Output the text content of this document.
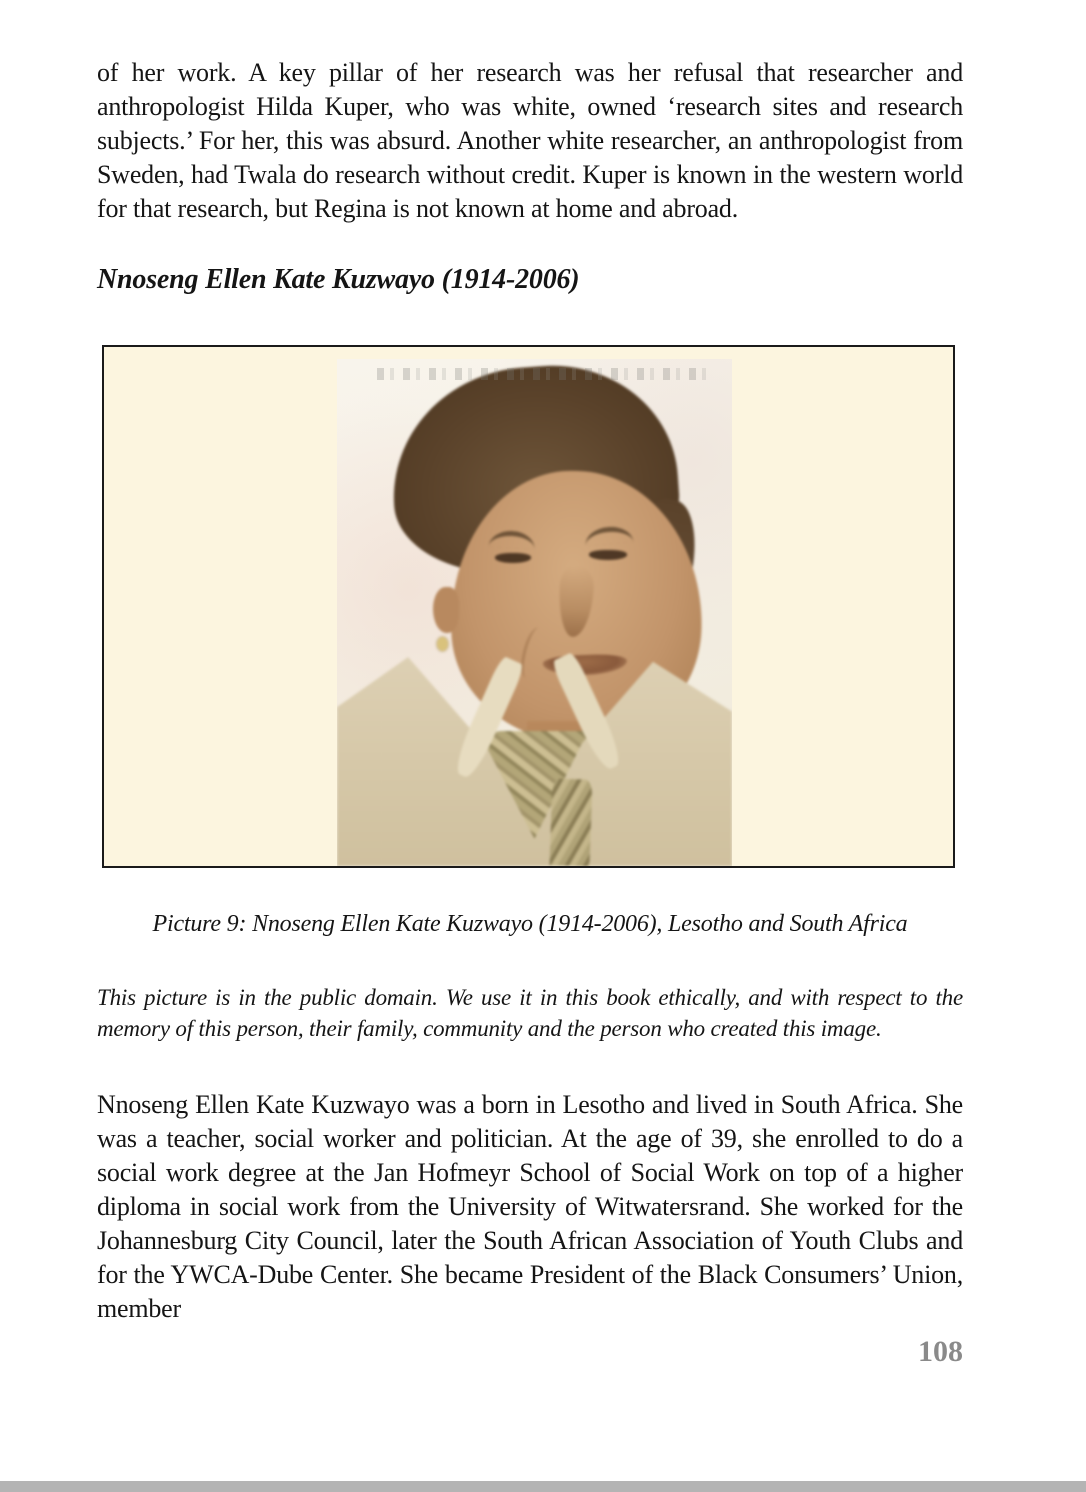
of her work. A key pillar of her research was her refusal that researcher and anthropologist Hilda Kuper, who was white, owned ‘research sites and research subjects.’ For her, this was absurd. Another white researcher, an anthropologist from Sweden, had Twala do research without credit. Kuper is known in the western world for that research, but Regina is not known at home and abroad.

Nnoseng Ellen Kate Kuzwayo (1914-2006)

Picture 9: Nnoseng Ellen Kate Kuzwayo (1914-2006), Lesotho and South Africa

This picture is in the public domain. We use it in this book ethically, and with respect to the memory of this person, their family, community and the person who created this image.

Nnoseng Ellen Kate Kuzwayo was a born in Lesotho and lived in South Africa. She was a teacher, social worker and politician. At the age of 39, she enrolled to do a social work degree at the Jan Hofmeyr School of Social Work on top of a higher diploma in social work from the University of Witwatersrand. She worked for the Johannesburg City Council, later the South African Association of Youth Clubs and for the YWCA-Dube Center. She became President of the Black Consumers’ Union, member

108
